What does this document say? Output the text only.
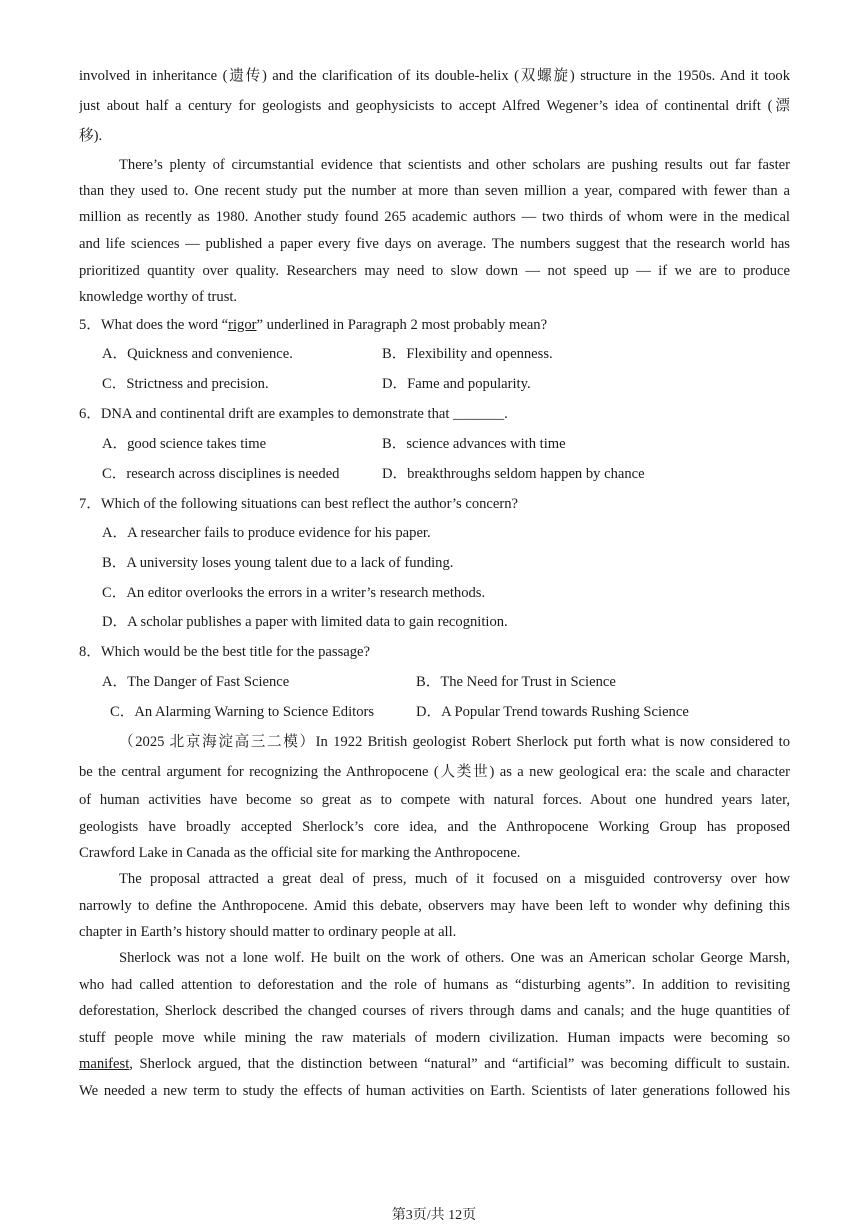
involved in inheritance (遗传) and the clarification of its double-helix (双螺旋) structure in the 1950s. And it took
just about half a century for geologists and geophysicists to accept Alfred Wegener’s idea of continental drift (漂
移).
There’s plenty of circumstantial evidence that scientists and other scholars are pushing results out far faster
than they used to. One recent study put the number at more than seven million a year, compared with fewer than a
million as recently as 1980. Another study found 265 academic authors — two thirds of whom were in the medical
and life sciences — published a paper every five days on average. The numbers suggest that the research world has
prioritized quantity over quality. Researchers may need to slow down — not speed up — if we are to produce
knowledge worthy of trust.
5．What does the word “rigor” underlined in Paragraph 2 most probably mean?
A．Quickness and convenience.	B．Flexibility and openness.
C．Strictness and precision.	D．Fame and popularity.
6．DNA and continental drift are examples to demonstrate that _______.
A．good science takes time	B．science advances with time
C．research across disciplines is needed	D．breakthroughs seldom happen by chance
7．Which of the following situations can best reflect the author’s concern?
A．A researcher fails to produce evidence for his paper.
B．A university loses young talent due to a lack of funding.
C．An editor overlooks the errors in a writer’s research methods.
D．A scholar publishes a paper with limited data to gain recognition.
8．Which would be the best title for the passage?
A．The Danger of Fast Science	B．The Need for Trust in Science
C．An Alarming Warning to Science Editors	D．A Popular Trend towards Rushing Science
（2025 北京海淀高三二模）In 1922 British geologist Robert Sherlock put forth what is now considered to
be the central argument for recognizing the Anthropocene (人类世) as a new geological era: the scale and character
of human activities have become so great as to compete with natural forces. About one hundred years later,
geologists have broadly accepted Sherlock’s core idea, and the Anthropocene Working Group has proposed
Crawford Lake in Canada as the official site for marking the Anthropocene.
The proposal attracted a great deal of press, much of it focused on a misguided controversy over how
narrowly to define the Anthropocene. Amid this debate, observers may have been left to wonder why defining this
chapter in Earth’s history should matter to ordinary people at all.
Sherlock was not a lone wolf. He built on the work of others. One was an American scholar George Marsh,
who had called attention to deforestation and the role of humans as “disturbing agents”. In addition to revisiting
deforestation, Sherlock described the changed courses of rivers through dams and canals; and the huge quantities of
stuff people move while mining the raw materials of modern civilization. Human impacts were becoming so
manifest, Sherlock argued, that the distinction between “natural” and “artificial” was becoming difficult to sustain.
We needed a new term to study the effects of human activities on Earth. Scientists of later generations followed his
第3页/共 12页
